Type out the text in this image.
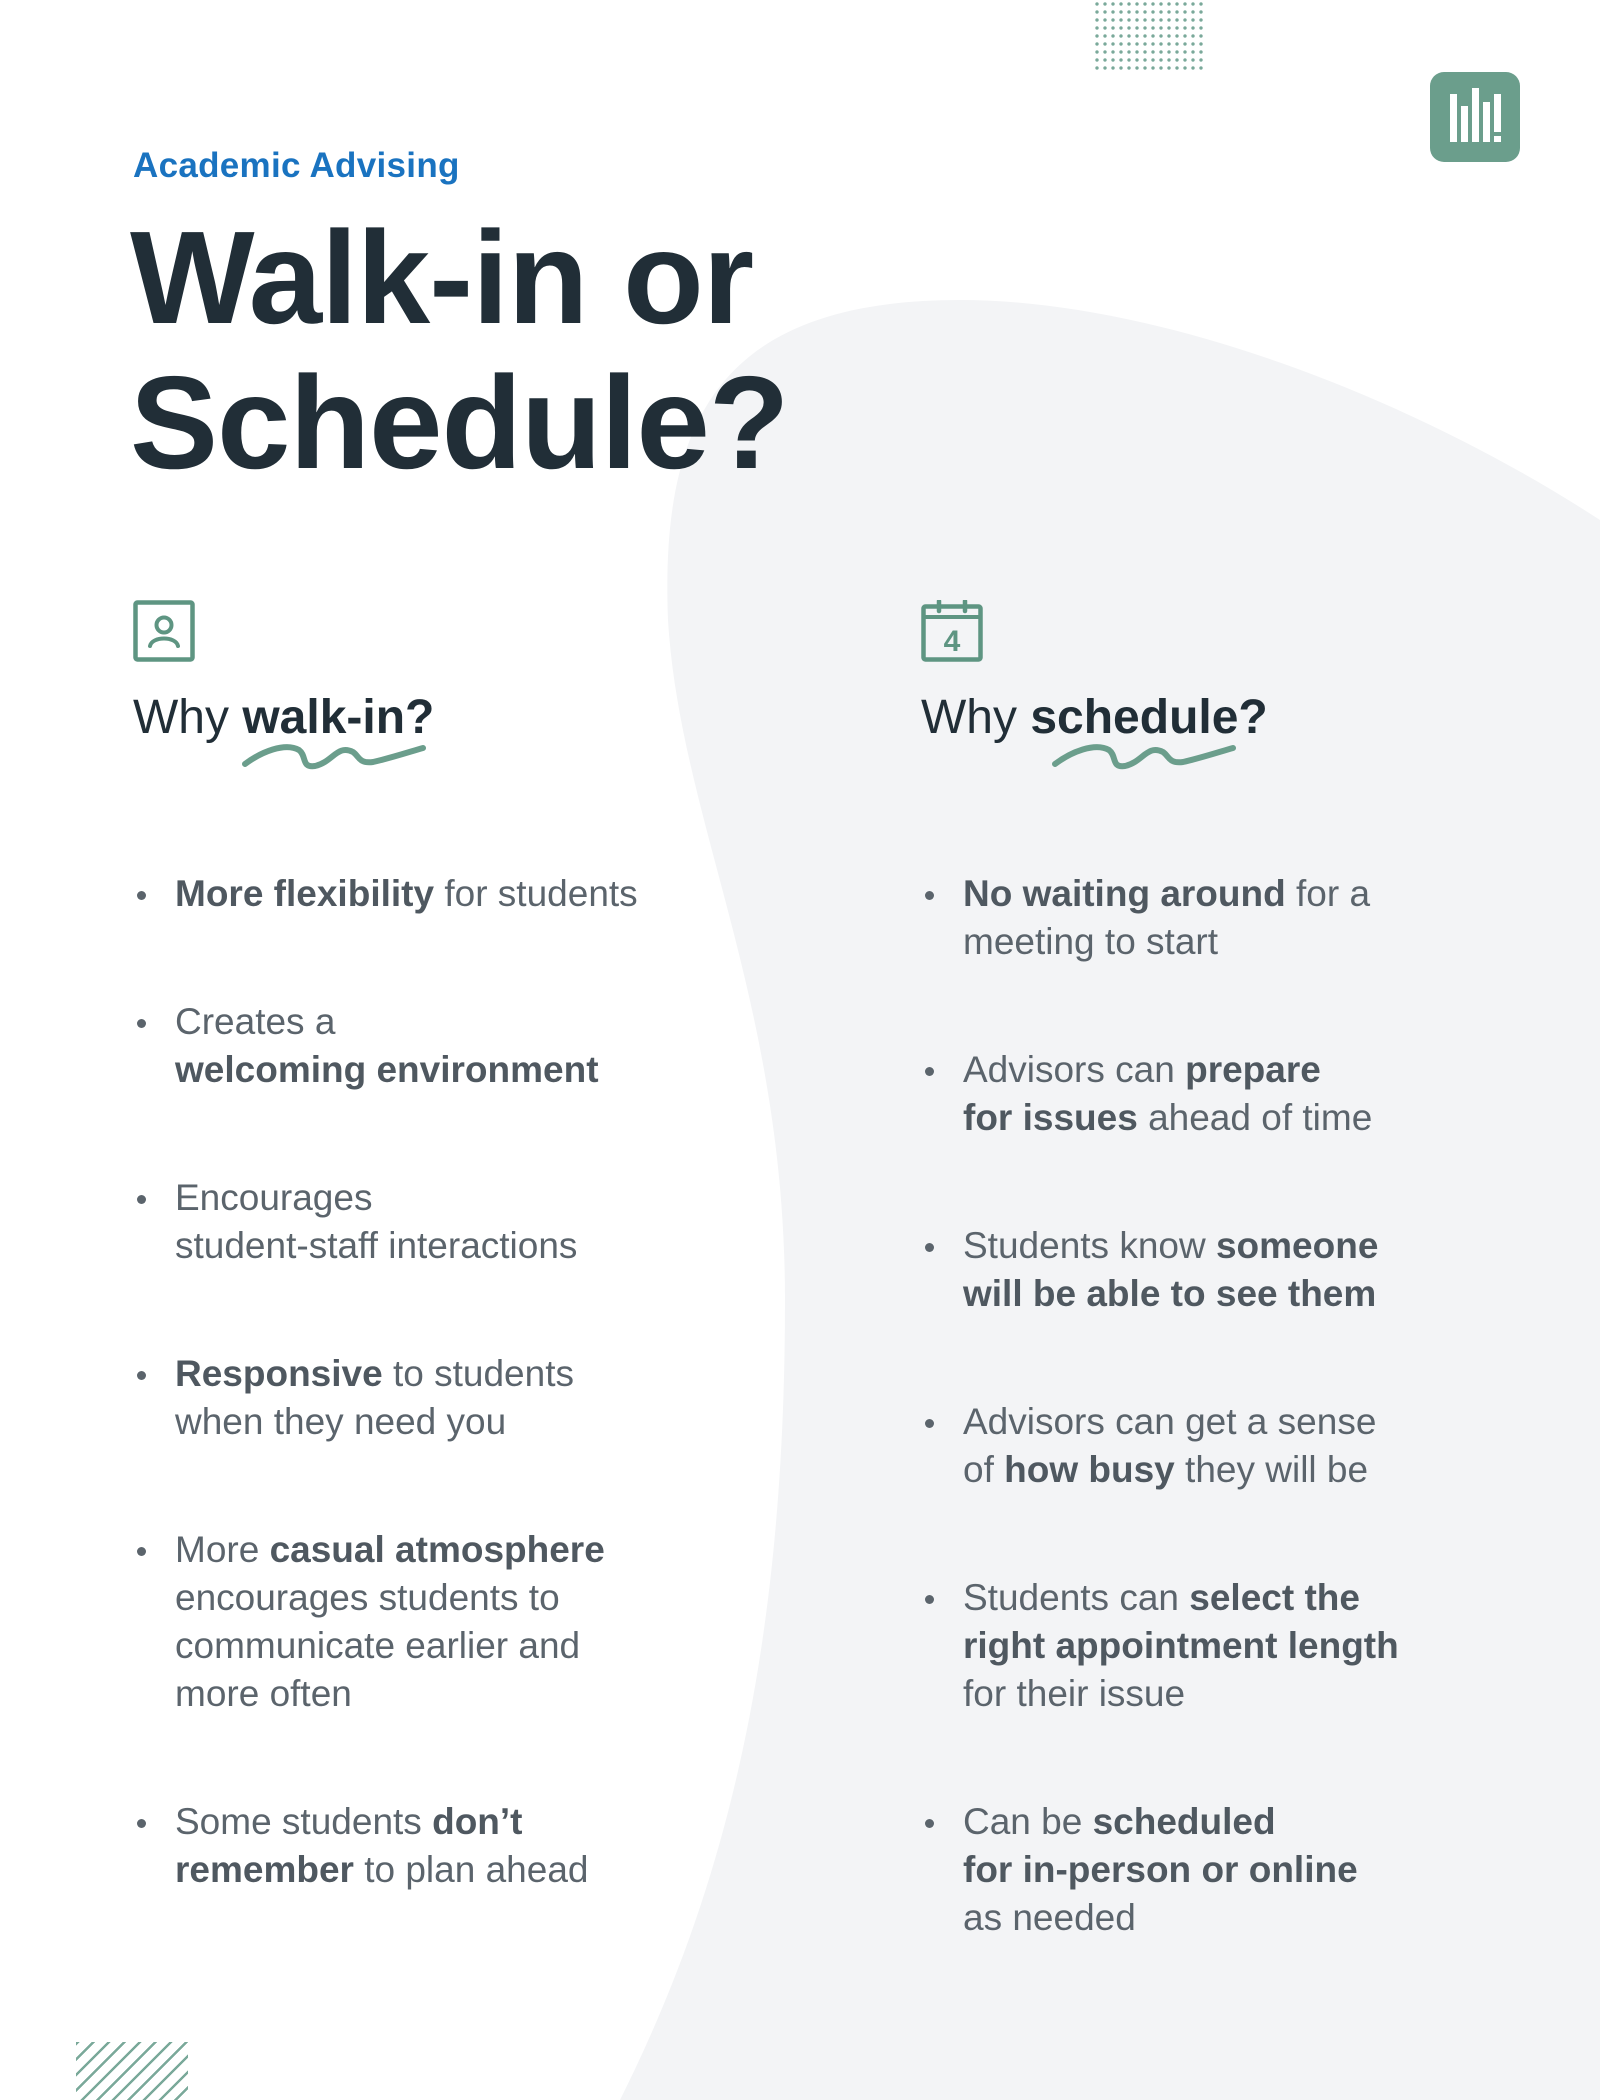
Academic Advising
Walk-in or
Schedule?
Why walk-in?
More flexibility for students
Creates a
welcoming environment
Encourages
student-staff interactions
Responsive to students
when they need you
More casual atmosphere
encourages students to
communicate earlier and
more often
Some students don’t
remember to plan ahead
4
Why schedule?
No waiting around for a
meeting to start
Advisors can prepare
for issues ahead of time
Students know someone
will be able to see them
Advisors can get a sense
of how busy they will be
Students can select the
right appointment length
for their issue
Can be scheduled
for in-person or online
as needed
